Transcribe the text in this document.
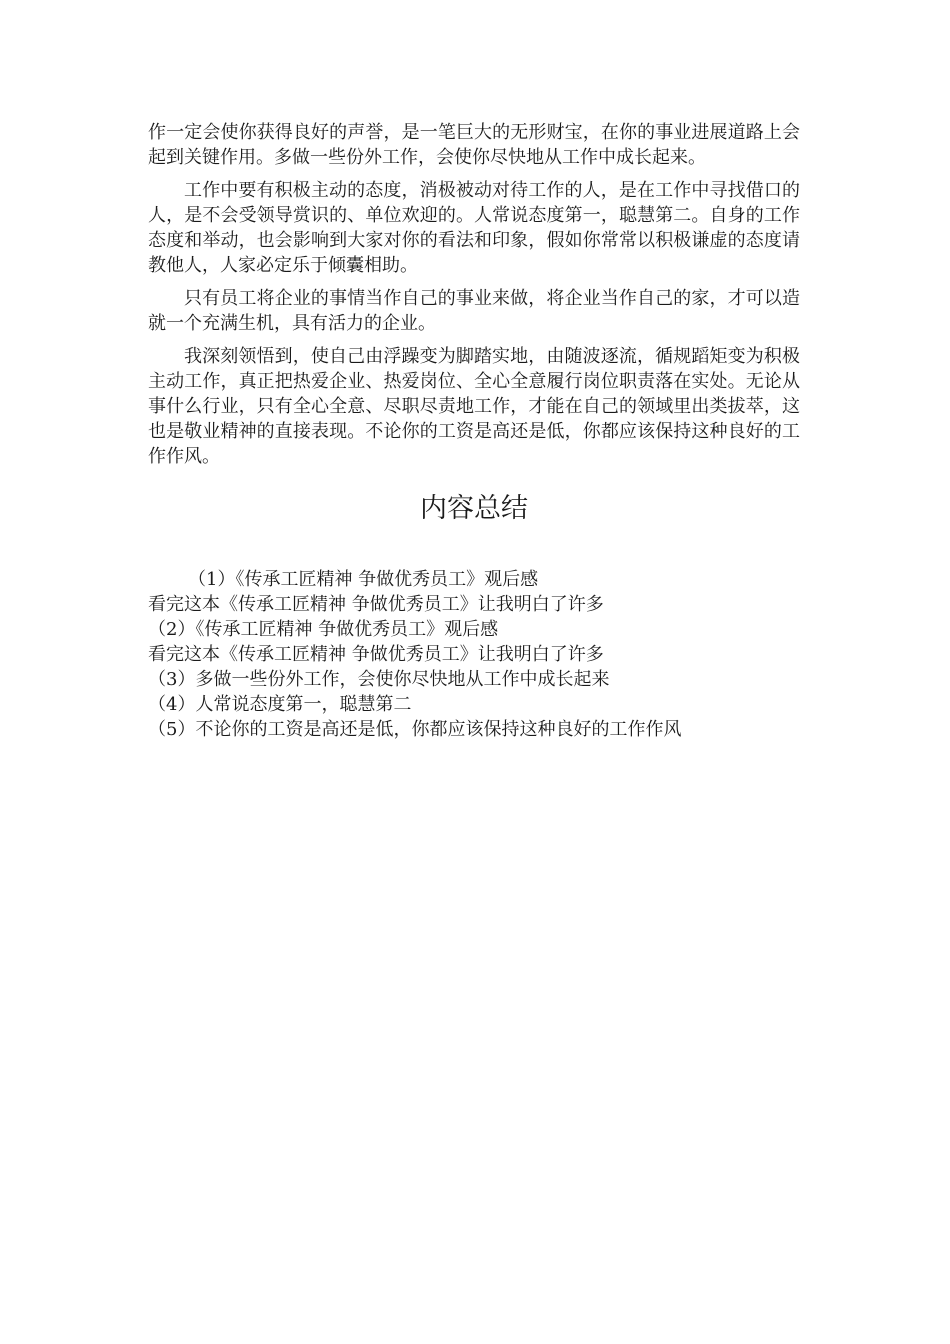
作一定会使你获得良好的声誉，是一笔巨大的无形财宝，在你的事业进展道路上会起到关键作用。多做一些份外工作，会使你尽快地从工作中成长起来。

工作中要有积极主动的态度，消极被动对待工作的人，是在工作中寻找借口的人，是不会受领导赏识的、单位欢迎的。人常说态度第一，聪慧第二。自身的工作态度和举动，也会影响到大家对你的看法和印象，假如你常常以积极谦虚的态度请教他人，人家必定乐于倾囊相助。

只有员工将企业的事情当作自己的事业来做，将企业当作自己的家，才可以造就一个充满生机，具有活力的企业。

我深刻领悟到，使自己由浮躁变为脚踏实地，由随波逐流，循规蹈矩变为积极主动工作，真正把热爱企业、热爱岗位、全心全意履行岗位职责落在实处。无论从事什么行业，只有全心全意、尽职尽责地工作，才能在自己的领域里出类拔萃，这也是敬业精神的直接表现。不论你的工资是高还是低，你都应该保持这种良好的工作作风。

内容总结
（1）《传承工匠精神 争做优秀员工》观后感
看完这本《传承工匠精神 争做优秀员工》让我明白了许多
（2）《传承工匠精神 争做优秀员工》观后感
看完这本《传承工匠精神 争做优秀员工》让我明白了许多
（3）多做一些份外工作，会使你尽快地从工作中成长起来
（4）人常说态度第一，聪慧第二
（5）不论你的工资是高还是低，你都应该保持这种良好的工作作风
